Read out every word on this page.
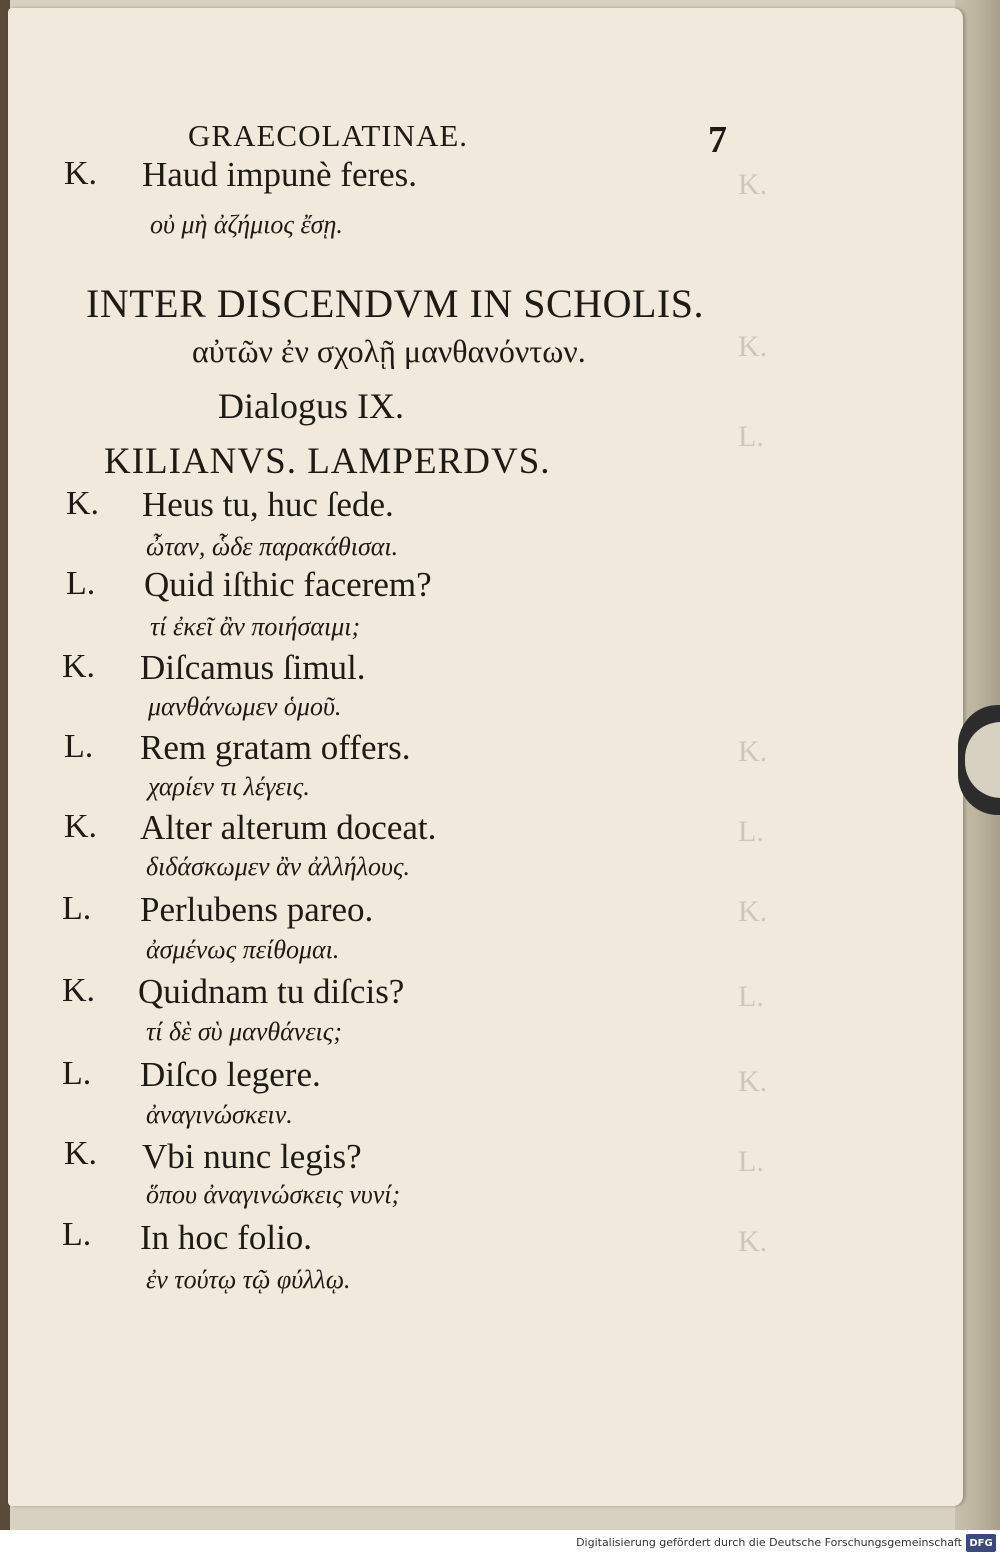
K.
K.
L.
K.
L.
K.
L.
K.
L.
K.
GRAECOLATINAE.	7
K. Haud impunè feres.
οὐ μὴ ἀζήμιος ἔσῃ.
INTER DISCENDVM IN SCHOLIS.
αὐτῶν ἐν σχολῇ μανθανόντων.
Dialogus IX.
KILIANVS. LAMPERDVS.
K. Heus tu, huc ſede.
ὦταν, ὧδε παρακάθισαι.
L. Quid iſthic facerem?
τί ἐκεῖ ἂν ποιήσαιμι;
K. Diſcamus ſimul.
μανθάνωμεν ὁμοῦ.
L. Rem gratam offers.
χαρίεν τι λέγεις.
K. Alter alterum doceat.
διδάσκωμεν ἂν ἀλλήλους.
L. Perlubens pareo.
ἀσμένως πείθομαι.
K. Quidnam tu diſcis?
τί δὲ σὺ μανθάνεις;
L. Diſco legere.
ἀναγινώσκειν.
K. Vbi nunc legis?
ὅπου ἀναγινώσκεις νυνί;
L. In hoc folio.
ἐν τούτῳ τῷ φύλλῳ.
Digitalisierung gefördert durch die Deutsche Forschungsgemeinschaft DFG
